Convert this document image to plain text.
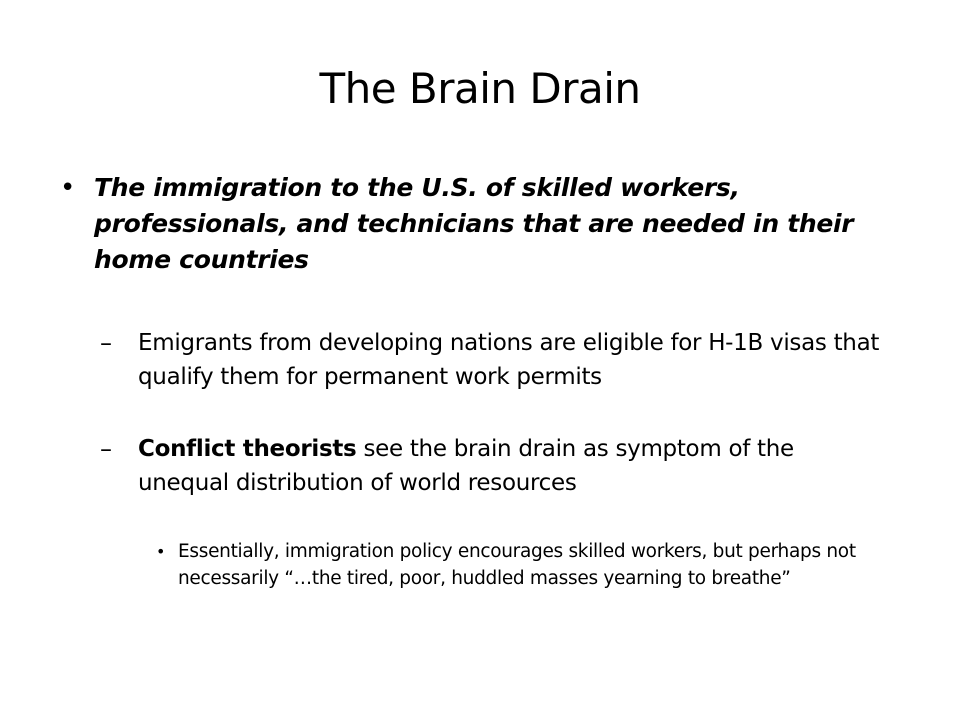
The Brain Drain
• The immigration to the U.S. of skilled workers, professionals, and technicians that are needed in their home countries
–	Emigrants from developing nations are eligible for H-1B visas that qualify them for permanent work permits
–	Conflict theorists see the brain drain as symptom of the unequal distribution of world resources
• Essentially, immigration policy encourages skilled workers, but perhaps not necessarily “…the tired, poor, huddled masses yearning to breathe”
